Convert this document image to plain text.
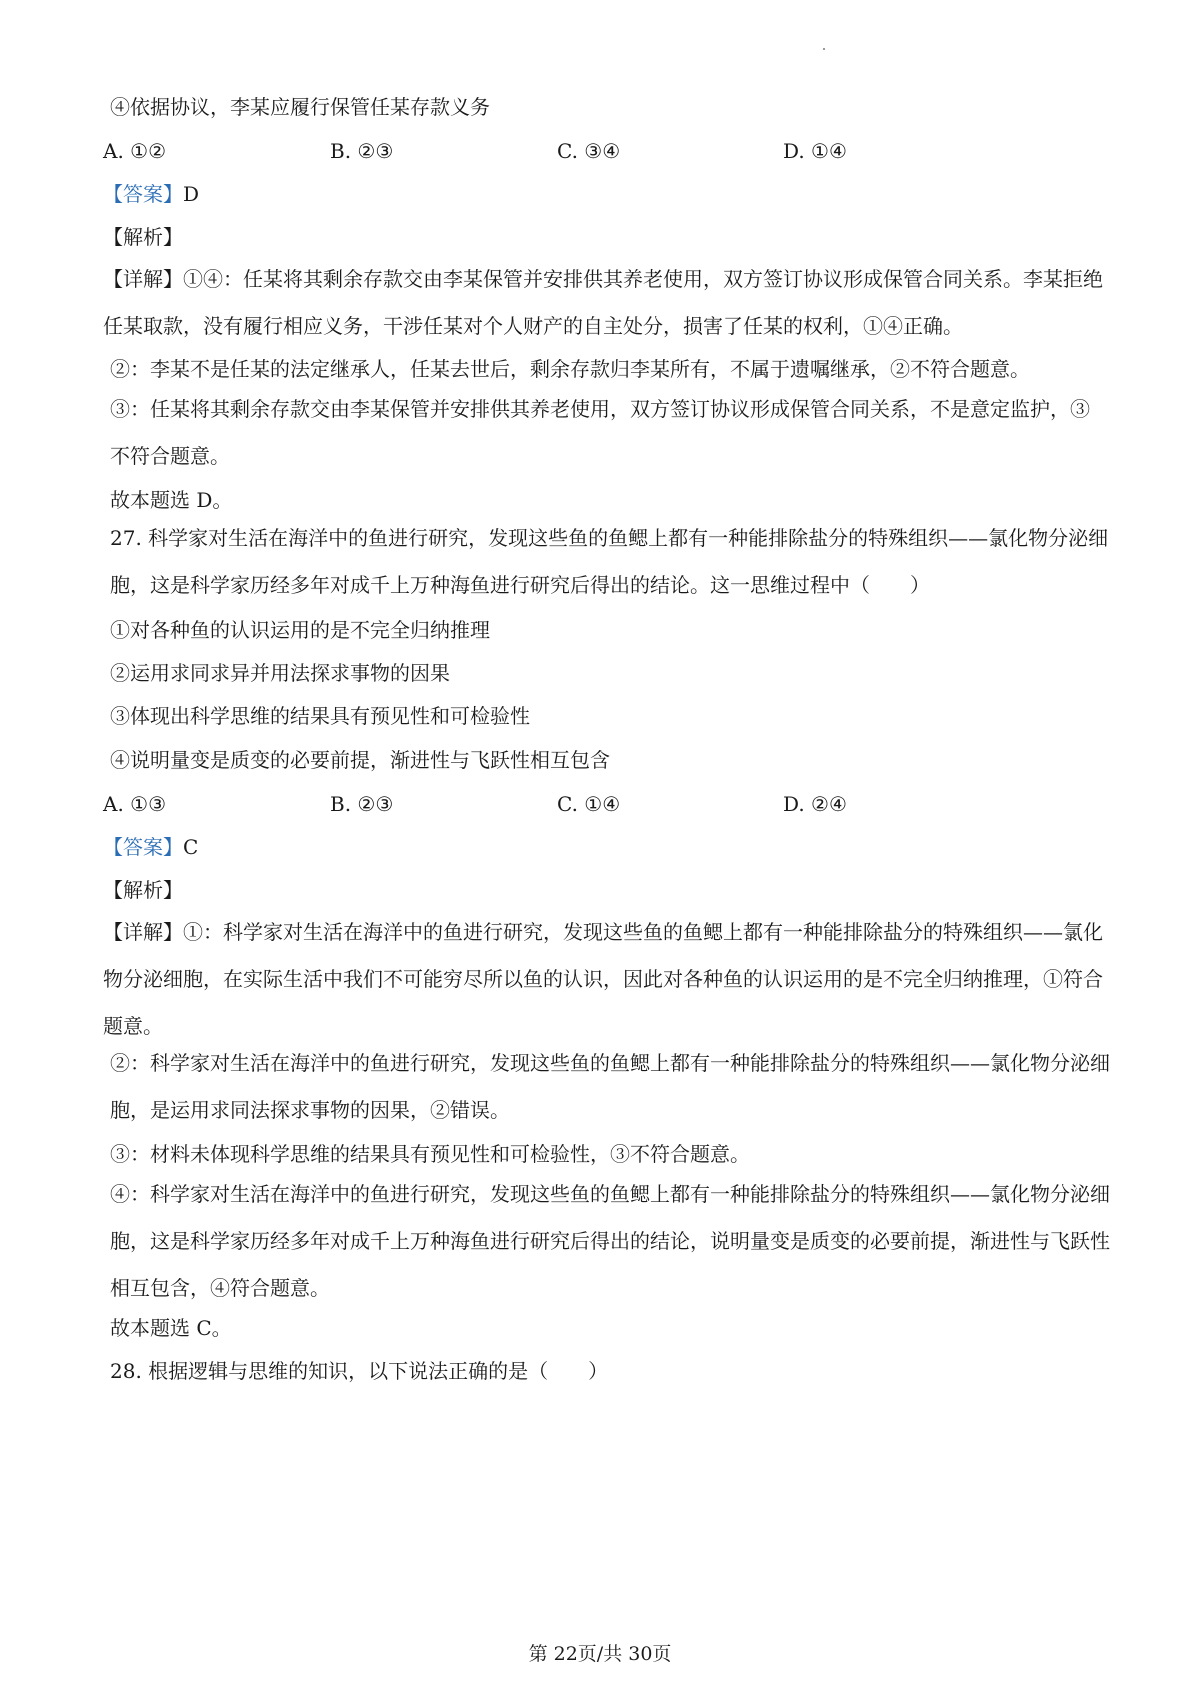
④依据协议，李某应履行保管任某存款义务
A. ①②	B. ②③	C. ③④	D. ①④
【答案】D
【解析】
【详解】①④：任某将其剩余存款交由李某保管并安排供其养老使用，双方签订协议形成保管合同关系。李某拒绝任某取款，没有履行相应义务，干涉任某对个人财产的自主处分，损害了任某的权利，①④正确。
②：李某不是任某的法定继承人，任某去世后，剩余存款归李某所有，不属于遗嘱继承，②不符合题意。
③：任某将其剩余存款交由李某保管并安排供其养老使用，双方签订协议形成保管合同关系，不是意定监护，③不符合题意。
故本题选 D。
27. 科学家对生活在海洋中的鱼进行研究，发现这些鱼的鱼鳃上都有一种能排除盐分的特殊组织——氯化物分泌细胞，这是科学家历经多年对成千上万种海鱼进行研究后得出的结论。这一思维过程中（　　）
①对各种鱼的认识运用的是不完全归纳推理
②运用求同求异并用法探求事物的因果
③体现出科学思维的结果具有预见性和可检验性
④说明量变是质变的必要前提，渐进性与飞跃性相互包含
A. ①③	B. ②③	C. ①④	D. ②④
【答案】C
【解析】
【详解】①：科学家对生活在海洋中的鱼进行研究，发现这些鱼的鱼鳃上都有一种能排除盐分的特殊组织——氯化物分泌细胞，在实际生活中我们不可能穷尽所以鱼的认识，因此对各种鱼的认识运用的是不完全归纳推理，①符合题意。
②：科学家对生活在海洋中的鱼进行研究，发现这些鱼的鱼鳃上都有一种能排除盐分的特殊组织——氯化物分泌细胞，是运用求同法探求事物的因果，②错误。
③：材料未体现科学思维的结果具有预见性和可检验性，③不符合题意。
④：科学家对生活在海洋中的鱼进行研究，发现这些鱼的鱼鳃上都有一种能排除盐分的特殊组织——氯化物分泌细胞，这是科学家历经多年对成千上万种海鱼进行研究后得出的结论，说明量变是质变的必要前提，渐进性与飞跃性相互包含，④符合题意。
故本题选 C。
28. 根据逻辑与思维的知识，以下说法正确的是（　　）
第 22页/共 30页
